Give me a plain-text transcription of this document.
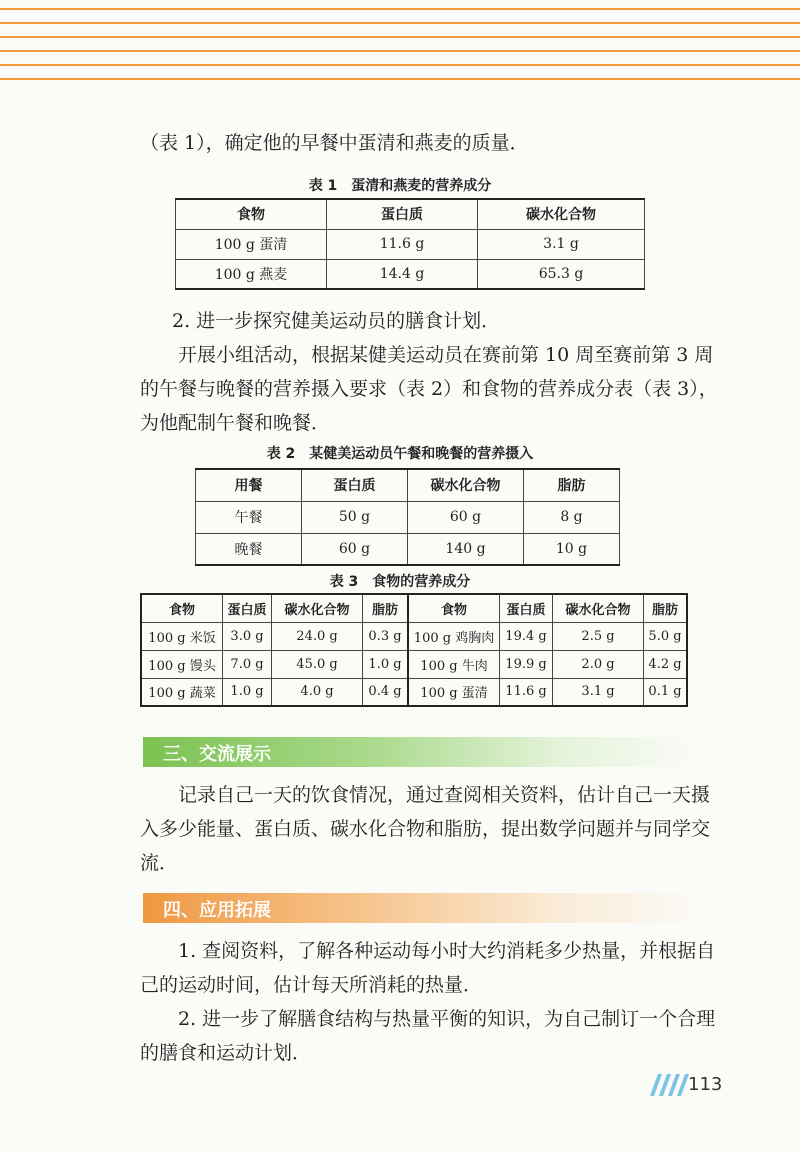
（表 1），确定他的早餐中蛋清和燕麦的质量．

表 1　蛋清和燕麦的营养成分

食物	蛋白质	碳水化合物
100 g 蛋清	11.6 g	3.1 g
100 g 燕麦	14.4 g	65.3 g

2. 进一步探究健美运动员的膳食计划．

开展小组活动，根据某健美运动员在赛前第 10 周至赛前第 3 周的午餐与晚餐的营养摄入要求（表 2）和食物的营养成分表（表 3），为他配制午餐和晚餐．

表 2　某健美运动员午餐和晚餐的营养摄入

用餐	蛋白质	碳水化合物	脂肪
午餐	50 g	60 g	8 g
晚餐	60 g	140 g	10 g

表 3　食物的营养成分

食物	蛋白质	碳水化合物	脂肪	食物	蛋白质	碳水化合物	脂肪
100 g 米饭	3.0 g	24.0 g	0.3 g	100 g 鸡胸肉	19.4 g	2.5 g	5.0 g
100 g 馒头	7.0 g	45.0 g	1.0 g	100 g 牛肉	19.9 g	2.0 g	4.2 g
100 g 蔬菜	1.0 g	4.0 g	0.4 g	100 g 蛋清	11.6 g	3.1 g	0.1 g
三、交流展示

记录自己一天的饮食情况，通过查阅相关资料，估计自己一天摄入多少能量、蛋白质、碳水化合物和脂肪，提出数学问题并与同学交流．

四、应用拓展

1. 查阅资料，了解各种运动每小时大约消耗多少热量，并根据自己的运动时间，估计每天所消耗的热量．

2. 进一步了解膳食结构与热量平衡的知识，为自己制订一个合理的膳食和运动计划．

113
